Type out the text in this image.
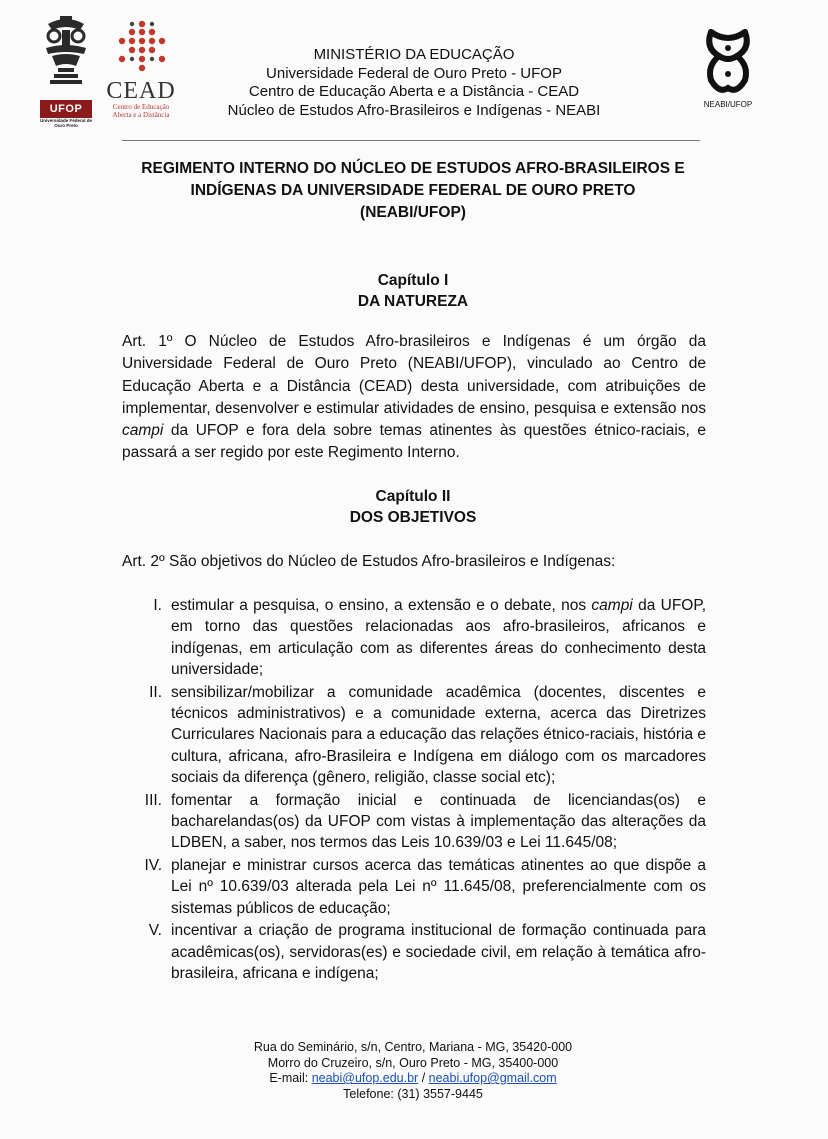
UFOP
Universidade Federal de Ouro Preto
CEAD
Centro de Educação Aberta e a Distância
MINISTÉRIO DA EDUCAÇÃO
Universidade Federal de Ouro Preto - UFOP
Centro de Educação Aberta e a Distância - CEAD
Núcleo de Estudos Afro-Brasileiros e Indígenas - NEABI	NEABI/UFOP
REGIMENTO INTERNO DO NÚCLEO DE ESTUDOS AFRO-BRASILEIROS E
INDÍGENAS DA UNIVERSIDADE FEDERAL DE OURO PRETO
(NEABI/UFOP)
Capítulo I
DA NATUREZA

Art. 1º O Núcleo de Estudos Afro-brasileiros e Indígenas é um órgão da Universidade Federal de Ouro Preto (NEABI/UFOP), vinculado ao Centro de Educação Aberta e a Distância (CEAD) desta universidade, com atribuições de implementar, desenvolver e estimular atividades de ensino, pesquisa e extensão nos campi da UFOP e fora dela sobre temas atinentes às questões étnico-raciais, e passará a ser regido por este Regimento Interno.

Capítulo II
DOS OBJETIVOS

Art. 2º São objetivos do Núcleo de Estudos Afro-brasileiros e Indígenas:

I. estimular a pesquisa, o ensino, a extensão e o debate, nos campi da UFOP, em torno das questões relacionadas aos afro-brasileiros, africanos e indígenas, em articulação com as diferentes áreas do conhecimento desta universidade;
II. sensibilizar/mobilizar a comunidade acadêmica (docentes, discentes e técnicos administrativos) e a comunidade externa, acerca das Diretrizes Curriculares Nacionais para a educação das relações étnico-raciais, história e cultura, africana, afro-Brasileira e Indígena em diálogo com os marcadores sociais da diferença (gênero, religião, classe social etc);
III. fomentar a formação inicial e continuada de licenciandas(os) e bacharelandas(os) da UFOP com vistas à implementação das alterações da LDBEN, a saber, nos termos das Leis 10.639/03 e Lei 11.645/08;
IV. planejar e ministrar cursos acerca das temáticas atinentes ao que dispõe a Lei nº 10.639/03 alterada pela Lei nº 11.645/08, preferencialmente com os sistemas públicos de educação;
V. incentivar a criação de programa institucional de formação continuada para acadêmicas(os), servidoras(es) e sociedade civil, em relação à temática afro-brasileira, africana e indígena;
Rua do Seminário, s/n, Centro, Mariana - MG, 35420-000
Morro do Cruzeiro, s/n, Ouro Preto - MG, 35400-000
E-mail: neabi@ufop.edu.br / neabi.ufop@gmail.com
Telefone: (31) 3557-9445
